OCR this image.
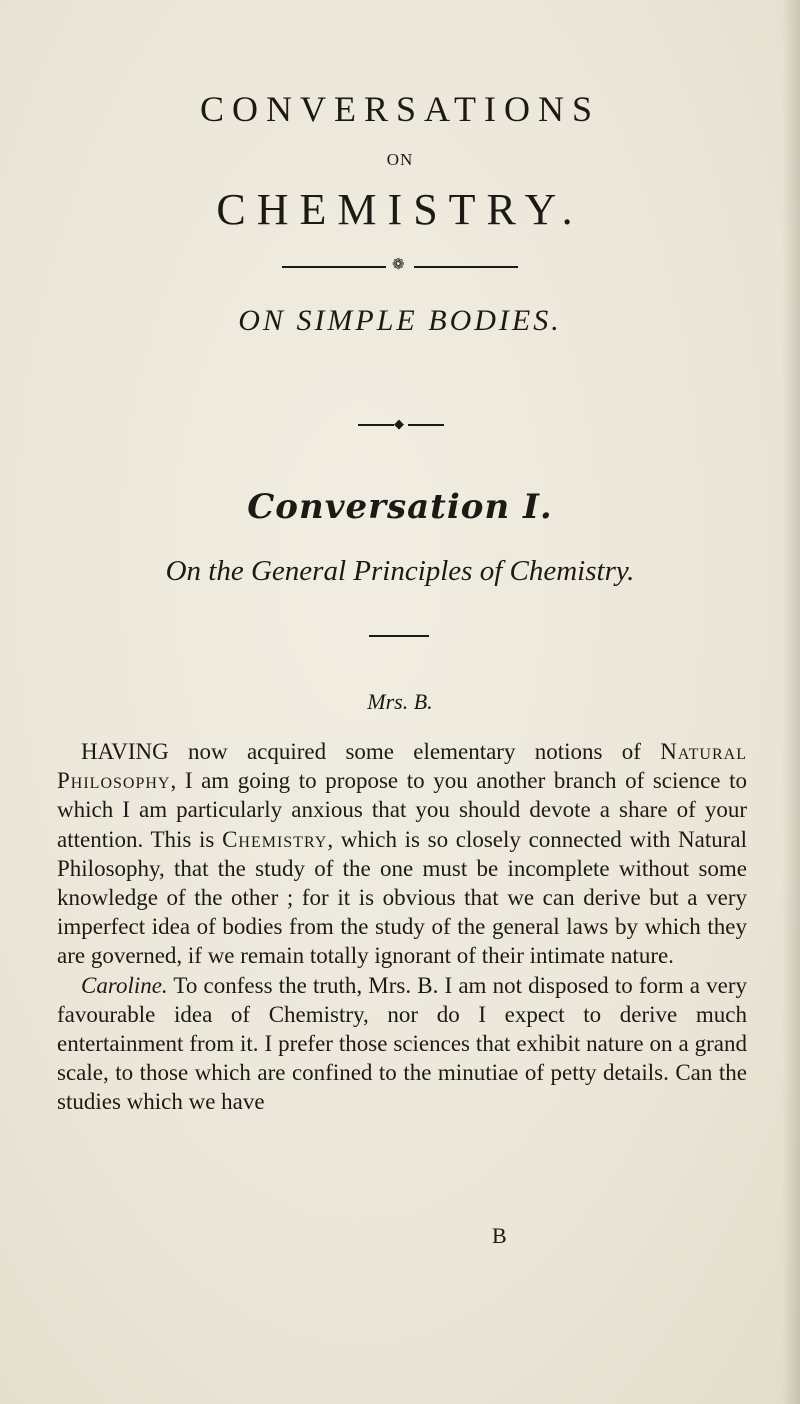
CONVERSATIONS
ON
CHEMISTRY.
❁
ON SIMPLE BODIES.
◆
Conversation I.
On the General Principles of Chemistry.
Mrs. B.

HAVING now acquired some elementary notions of Natural Philosophy, I am going to propose to you another branch of science to which I am particularly anxious that you should devote a share of your attention. This is Chemistry, which is so closely connected with Natural Philosophy, that the study of the one must be incomplete without some knowledge of the other ; for it is obvious that we can derive but a very imperfect idea of bodies from the study of the general laws by which they are governed, if we remain totally ignorant of their intimate nature.

Caroline. To confess the truth, Mrs. B. I am not disposed to form a very favourable idea of Chemistry, nor do I expect to derive much entertainment from it. I prefer those sciences that exhibit nature on a grand scale, to those which are confined to the minutiae of petty details. Can the studies which we have

B
